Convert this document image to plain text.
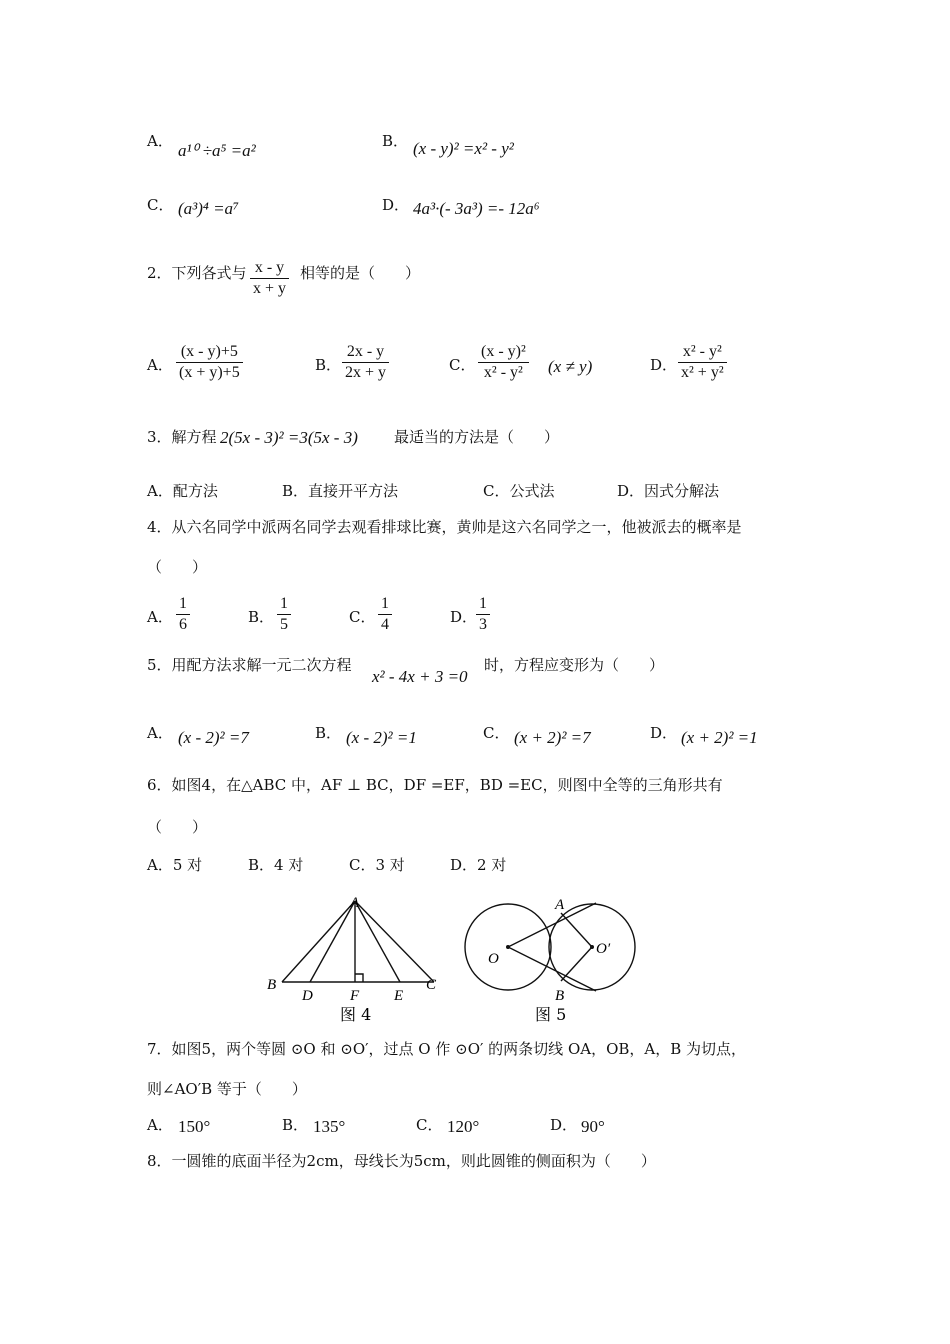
A． a¹⁰ ÷a⁵ =a²	B． (x - y)² =x² - y²
C． (a³)⁴ =a⁷	D． 4a³·(- 3a³) =- 12a⁶
2．下列各式与 x - y
x + y
相等的是（　　）
A．
(x - y)+5
(x + y)+5	B．
2x - y
2x + y	C．
(x - y)²
x² - y² (x ≠ y)	D．
x² - y²
x² + y²
3．解方程 2(5x - 3)² =3(5x - 3) 最适当的方法是（　　）
A．配方法	B．直接开平方法	C．公式法	D．因式分解法
4．从六名同学中派两名同学去观看排球比赛，黄帅是这六名同学之一，他被派去的概率是
（　　）
A．
1
6	B．
1
5	C．
1
4	D．
1
3
5．用配方法求解一元二次方程
x² - 4x + 3 =0
时，方程应变形为（　　）
A． (x - 2)² =7	B． (x - 2)² =1	C． (x + 2)² =7	D． (x + 2)² =1
6．如图4，在△ABC 中，AF ⊥ BC，DF =EF，BD =EC，则图中全等的三角形共有
（　　）
A．5 对	B．4 对	C．3 对	D．2 对
A
B
D F E
C
图 4
A
B
O
O′
图 5
7．如图5，两个等圆 ⊙O 和 ⊙O′，过点 O 作 ⊙O′ 的两条切线 OA，OB，A，B 为切点，
则∠AO′B 等于（　　）
A． 150°	B． 135°	C． 120°	D． 90°
8．一圆锥的底面半径为2cm，母线长为5cm，则此圆锥的侧面积为（　　）
